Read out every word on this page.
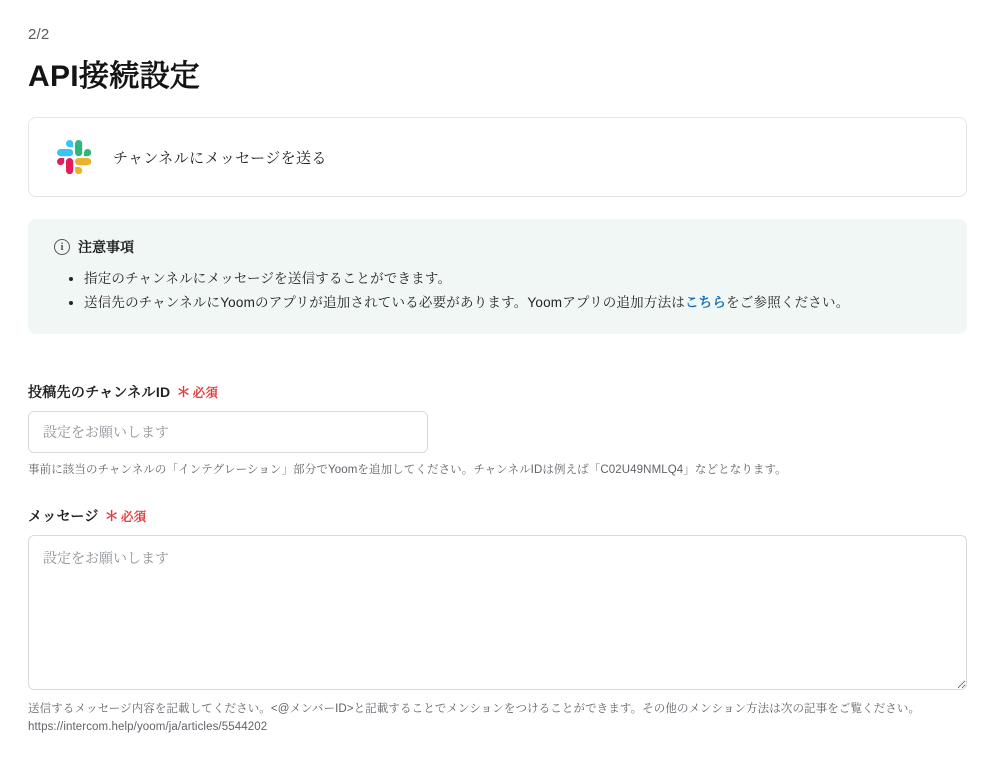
2/2
API接続設定
チャンネルにメッセージを送る
i	注意事項
• 指定のチャンネルにメッセージを送信することができます。
• 送信先のチャンネルにYoomのアプリが追加されている必要があります。Yoomアプリの追加方法はこちらをご参照ください。
投稿先のチャンネルID ＊ 必須
設定をお願いします
事前に該当のチャンネルの「インテグレーション」部分でYoomを追加してください。チャンネルIDは例えば「C02U49NMLQ4」などとなります。
メッセージ ＊ 必須
設定をお願いします
送信するメッセージ内容を記載してください。<@メンバーID>と記載することでメンションをつけることができます。その他のメンション方法は次の記事をご覧ください。
https://intercom.help/yoom/ja/articles/5544202
